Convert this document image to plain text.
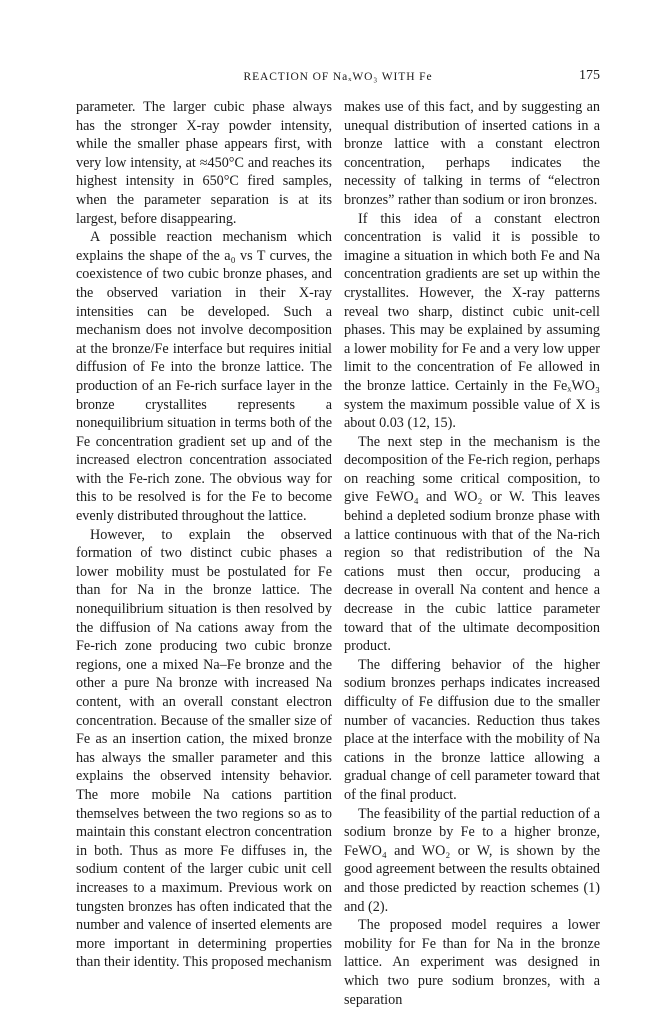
REACTION OF NaₓWO₃ WITH Fe	175

parameter. The larger cubic phase always has the stronger X-ray powder intensity, while the smaller phase appears first, with very low intensity, at ≈450°C and reaches its highest intensity in 650°C fired samples, when the parameter separation is at its largest, before disappearing.

A possible reaction mechanism which explains the shape of the a₀ vs T curves, the coexistence of two cubic bronze phases, and the observed variation in their X-ray intensities can be developed. Such a mechanism does not involve decomposition at the bronze/Fe interface but requires initial diffusion of Fe into the bronze lattice. The production of an Fe-rich surface layer in the bronze crystallites represents a nonequilibrium situation in terms both of the Fe concentration gradient set up and of the increased electron concentration associated with the Fe-rich zone. The obvious way for this to be resolved is for the Fe to become evenly distributed throughout the lattice.

However, to explain the observed formation of two distinct cubic phases a lower mobility must be postulated for Fe than for Na in the bronze lattice. The nonequilibrium situation is then resolved by the diffusion of Na cations away from the Fe-rich zone producing two cubic bronze regions, one a mixed Na–Fe bronze and the other a pure Na bronze with increased Na content, with an overall constant electron concentration. Because of the smaller size of Fe as an insertion cation, the mixed bronze has always the smaller parameter and this explains the observed intensity behavior. The more mobile Na cations partition themselves between the two regions so as to maintain this constant electron concentration in both. Thus as more Fe diffuses in, the sodium content of the larger cubic unit cell increases to a maximum. Previous work on tungsten bronzes has often indicated that the number and valence of inserted elements are more important in determining properties than their identity. This proposed mechanism

makes use of this fact, and by suggesting an unequal distribution of inserted cations in a bronze lattice with a constant electron concentration, perhaps indicates the necessity of talking in terms of “electron bronzes” rather than sodium or iron bronzes.

If this idea of a constant electron concentration is valid it is possible to imagine a situation in which both Fe and Na concentration gradients are set up within the crystallites. However, the X-ray patterns reveal two sharp, distinct cubic unit-cell phases. This may be explained by assuming a lower mobility for Fe and a very low upper limit to the concentration of Fe allowed in the bronze lattice. Certainly in the FeₓWO₃ system the maximum possible value of X is about 0.03 (12, 15).

The next step in the mechanism is the decomposition of the Fe-rich region, perhaps on reaching some critical composition, to give FeWO₄ and WO₂ or W. This leaves behind a depleted sodium bronze phase with a lattice continuous with that of the Na-rich region so that redistribution of the Na cations must then occur, producing a decrease in overall Na content and hence a decrease in the cubic lattice parameter toward that of the ultimate decomposition product.

The differing behavior of the higher sodium bronzes perhaps indicates increased difficulty of Fe diffusion due to the smaller number of vacancies. Reduction thus takes place at the interface with the mobility of Na cations in the bronze lattice allowing a gradual change of cell parameter toward that of the final product.

The feasibility of the partial reduction of a sodium bronze by Fe to a higher bronze, FeWO₄ and WO₂ or W, is shown by the good agreement between the results obtained and those predicted by reaction schemes (1) and (2).

The proposed model requires a lower mobility for Fe than for Na in the bronze lattice. An experiment was designed in which two pure sodium bronzes, with a separation
